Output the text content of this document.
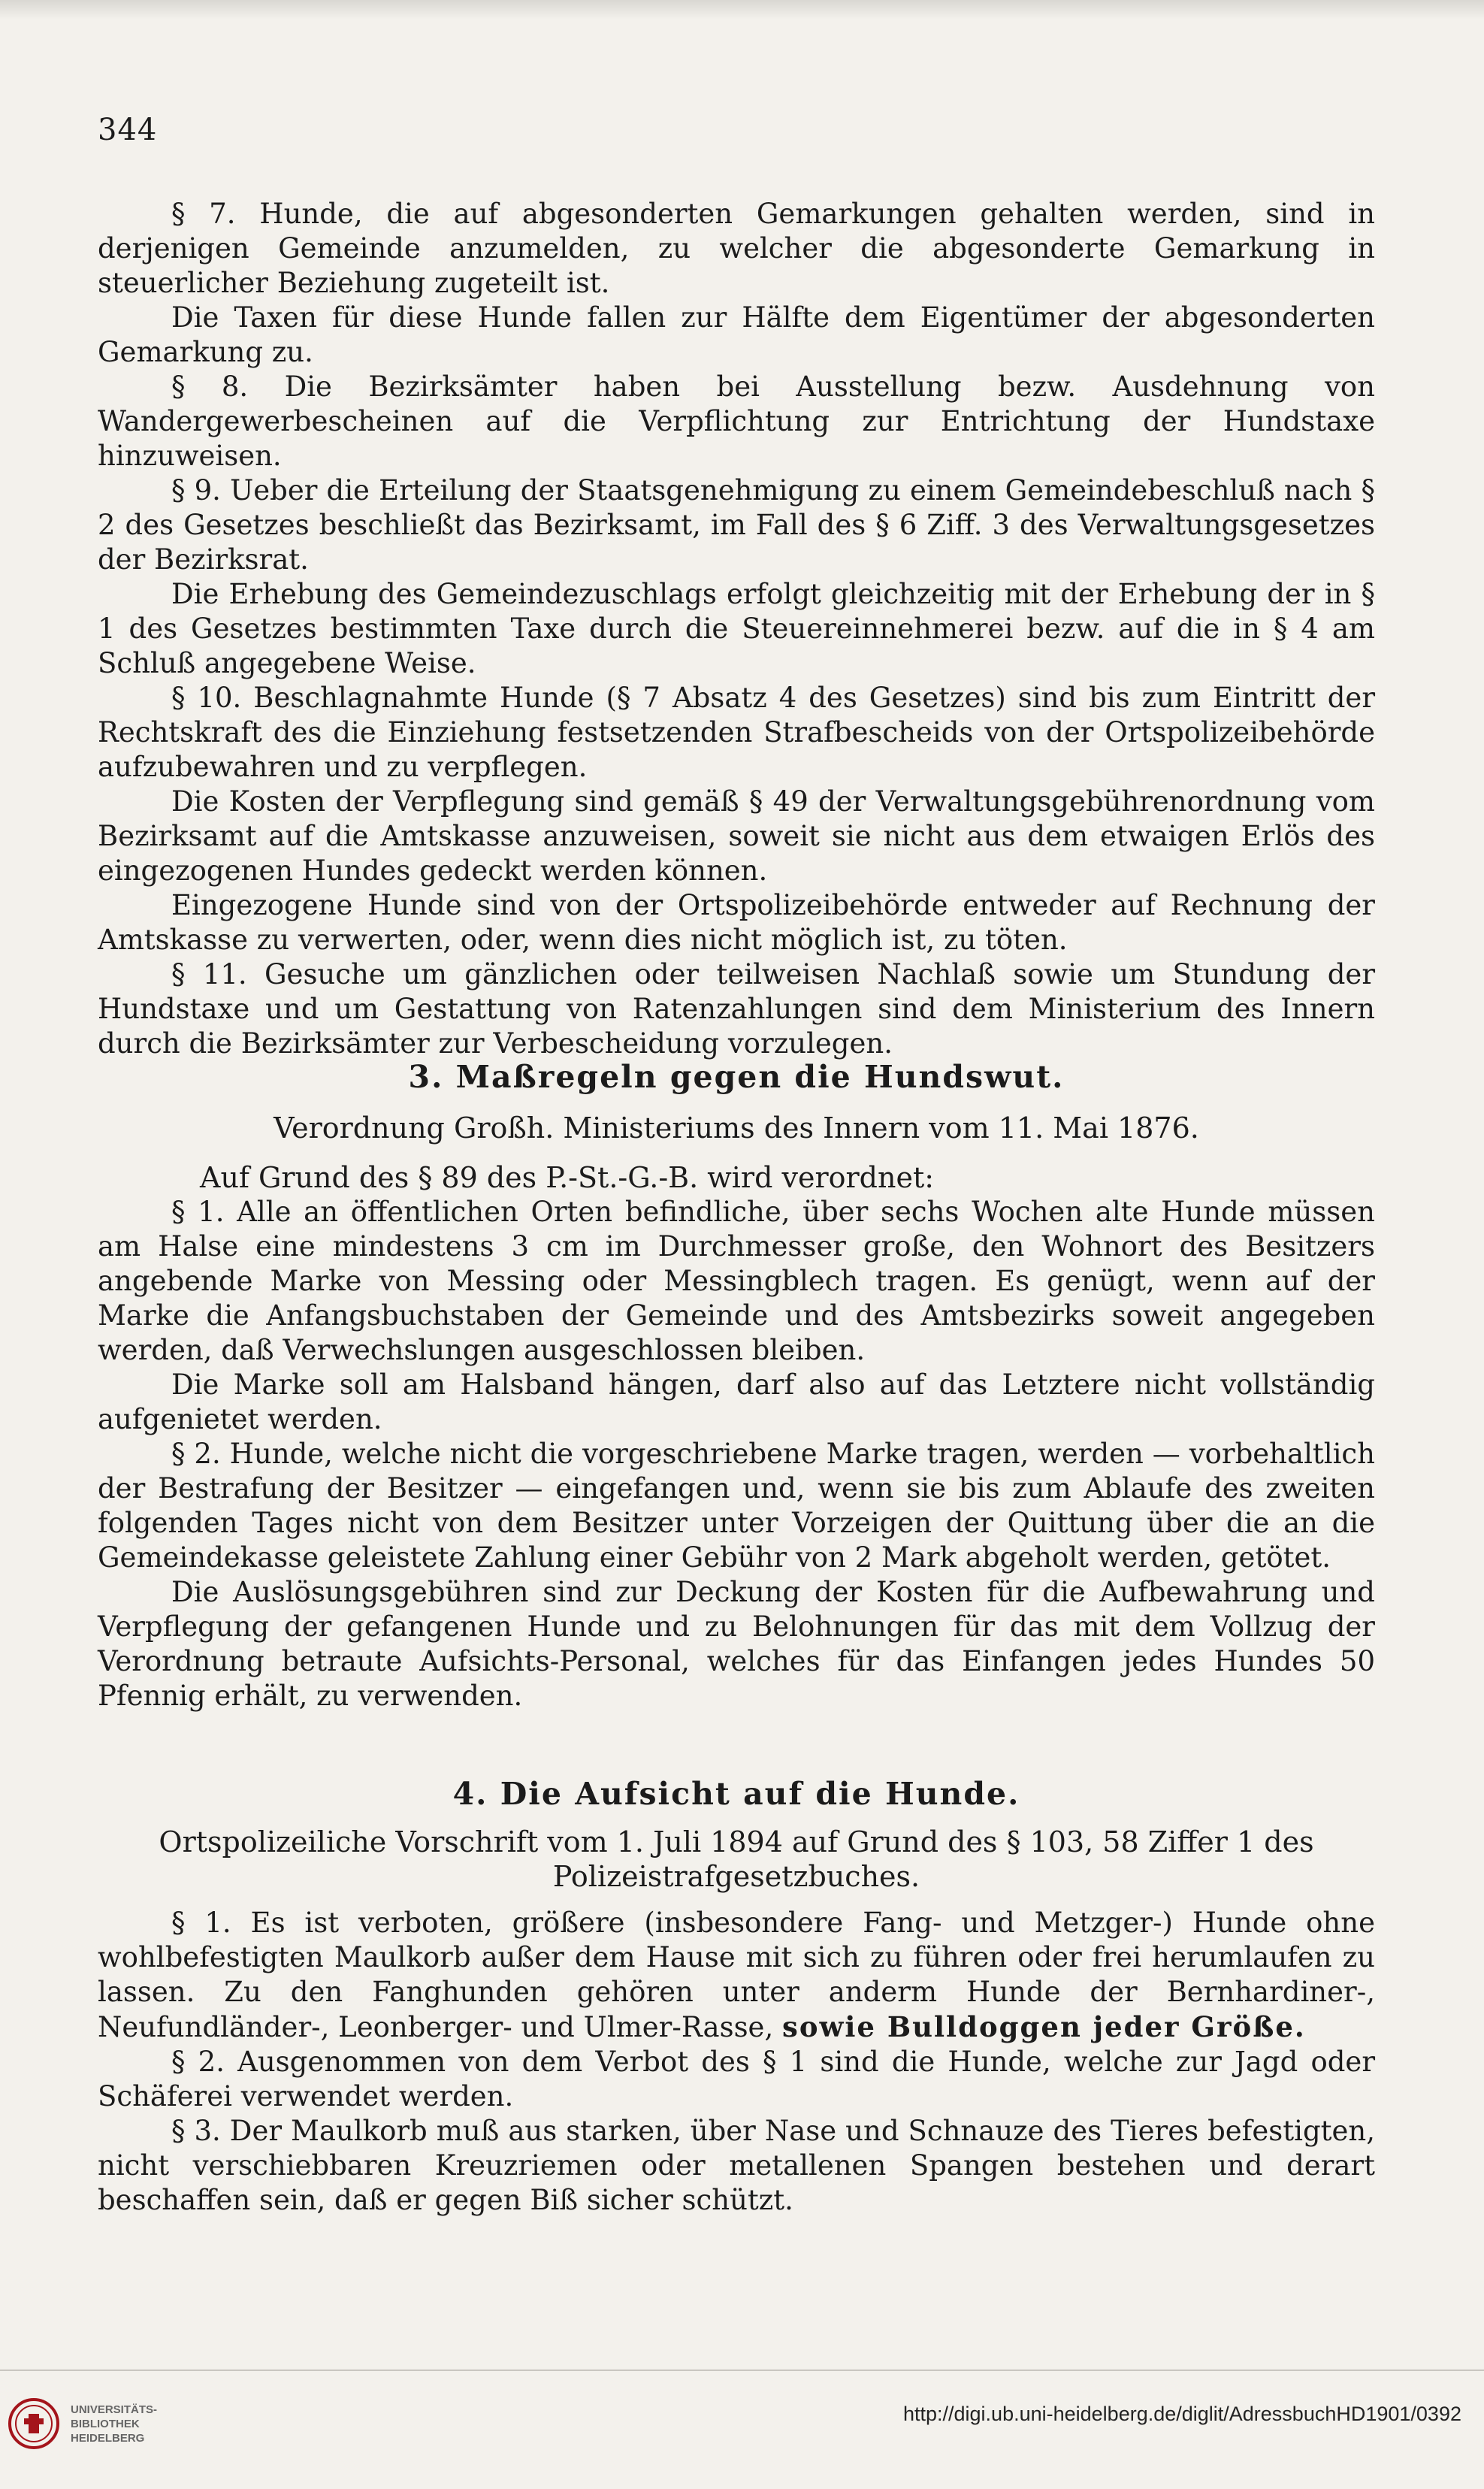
344

§ 7. Hunde, die auf abgesonderten Gemarkungen gehalten werden, sind in derjenigen Gemeinde anzumelden, zu welcher die abgesonderte Gemarkung in steuerlicher Beziehung zugeteilt ist.

Die Taxen für diese Hunde fallen zur Hälfte dem Eigentümer der abgesonderten Gemarkung zu.

§ 8. Die Bezirksämter haben bei Ausstellung bezw. Ausdehnung von Wandergewerbescheinen auf die Verpflichtung zur Entrichtung der Hundstaxe hinzuweisen.

§ 9. Ueber die Erteilung der Staatsgenehmigung zu einem Gemeindebeschluß nach § 2 des Gesetzes beschließt das Bezirksamt, im Fall des § 6 Ziff. 3 des Verwaltungsgesetzes der Bezirksrat.

Die Erhebung des Gemeindezuschlags erfolgt gleichzeitig mit der Erhebung der in § 1 des Gesetzes bestimmten Taxe durch die Steuereinnehmerei bezw. auf die in § 4 am Schluß angegebene Weise.

§ 10. Beschlagnahmte Hunde (§ 7 Absatz 4 des Gesetzes) sind bis zum Eintritt der Rechtskraft des die Einziehung festsetzenden Strafbescheids von der Ortspolizeibehörde aufzubewahren und zu verpflegen.

Die Kosten der Verpflegung sind gemäß § 49 der Verwaltungsgebührenordnung vom Bezirksamt auf die Amtskasse anzuweisen, soweit sie nicht aus dem etwaigen Erlös des eingezogenen Hundes gedeckt werden können.

Eingezogene Hunde sind von der Ortspolizeibehörde entweder auf Rechnung der Amtskasse zu verwerten, oder, wenn dies nicht möglich ist, zu töten.

§ 11. Gesuche um gänzlichen oder teilweisen Nachlaß sowie um Stundung der Hundstaxe und um Gestattung von Ratenzahlungen sind dem Ministerium des Innern durch die Bezirksämter zur Verbescheidung vorzulegen.

3. Maßregeln gegen die Hundswut.

Verordnung Großh. Ministeriums des Innern vom 11. Mai 1876.

Auf Grund des § 89 des P.-St.-G.-B. wird verordnet:

§ 1. Alle an öffentlichen Orten befindliche, über sechs Wochen alte Hunde müssen am Halse eine mindestens 3 cm im Durchmesser große, den Wohnort des Besitzers angebende Marke von Messing oder Messingblech tragen. Es genügt, wenn auf der Marke die Anfangsbuchstaben der Gemeinde und des Amtsbezirks soweit angegeben werden, daß Verwechslungen ausgeschlossen bleiben.

Die Marke soll am Halsband hängen, darf also auf das Letztere nicht vollständig aufgenietet werden.

§ 2. Hunde, welche nicht die vorgeschriebene Marke tragen, werden — vorbehaltlich der Bestrafung der Besitzer — eingefangen und, wenn sie bis zum Ablaufe des zweiten folgenden Tages nicht von dem Besitzer unter Vorzeigen der Quittung über die an die Gemeindekasse geleistete Zahlung einer Gebühr von 2 Mark abgeholt werden, getötet.

Die Auslösungsgebühren sind zur Deckung der Kosten für die Aufbewahrung und Verpflegung der gefangenen Hunde und zu Belohnungen für das mit dem Vollzug der Verordnung betraute Aufsichts-Personal, welches für das Einfangen jedes Hundes 50 Pfennig erhält, zu verwenden.

4. Die Aufsicht auf die Hunde.

Ortspolizeiliche Vorschrift vom 1. Juli 1894 auf Grund des § 103, 58 Ziffer 1 des Polizeistrafgesetzbuches.

§ 1. Es ist verboten, größere (insbesondere Fang- und Metzger-) Hunde ohne wohlbefestigten Maulkorb außer dem Hause mit sich zu führen oder frei herumlaufen zu lassen. Zu den Fanghunden gehören unter anderm Hunde der Bernhardiner-, Neufundländer-, Leonberger- und Ulmer-Rasse, sowie Bulldoggen jeder Größe.

§ 2. Ausgenommen von dem Verbot des § 1 sind die Hunde, welche zur Jagd oder Schäferei verwendet werden.

§ 3. Der Maulkorb muß aus starken, über Nase und Schnauze des Tieres befestigten, nicht verschiebbaren Kreuzriemen oder metallenen Spangen bestehen und derart beschaffen sein, daß er gegen Biß sicher schützt.

UNIVERSITÄTS-
BIBLIOTHEK
HEIDELBERG
http://digi.ub.uni-heidelberg.de/diglit/AdressbuchHD1901/0392
